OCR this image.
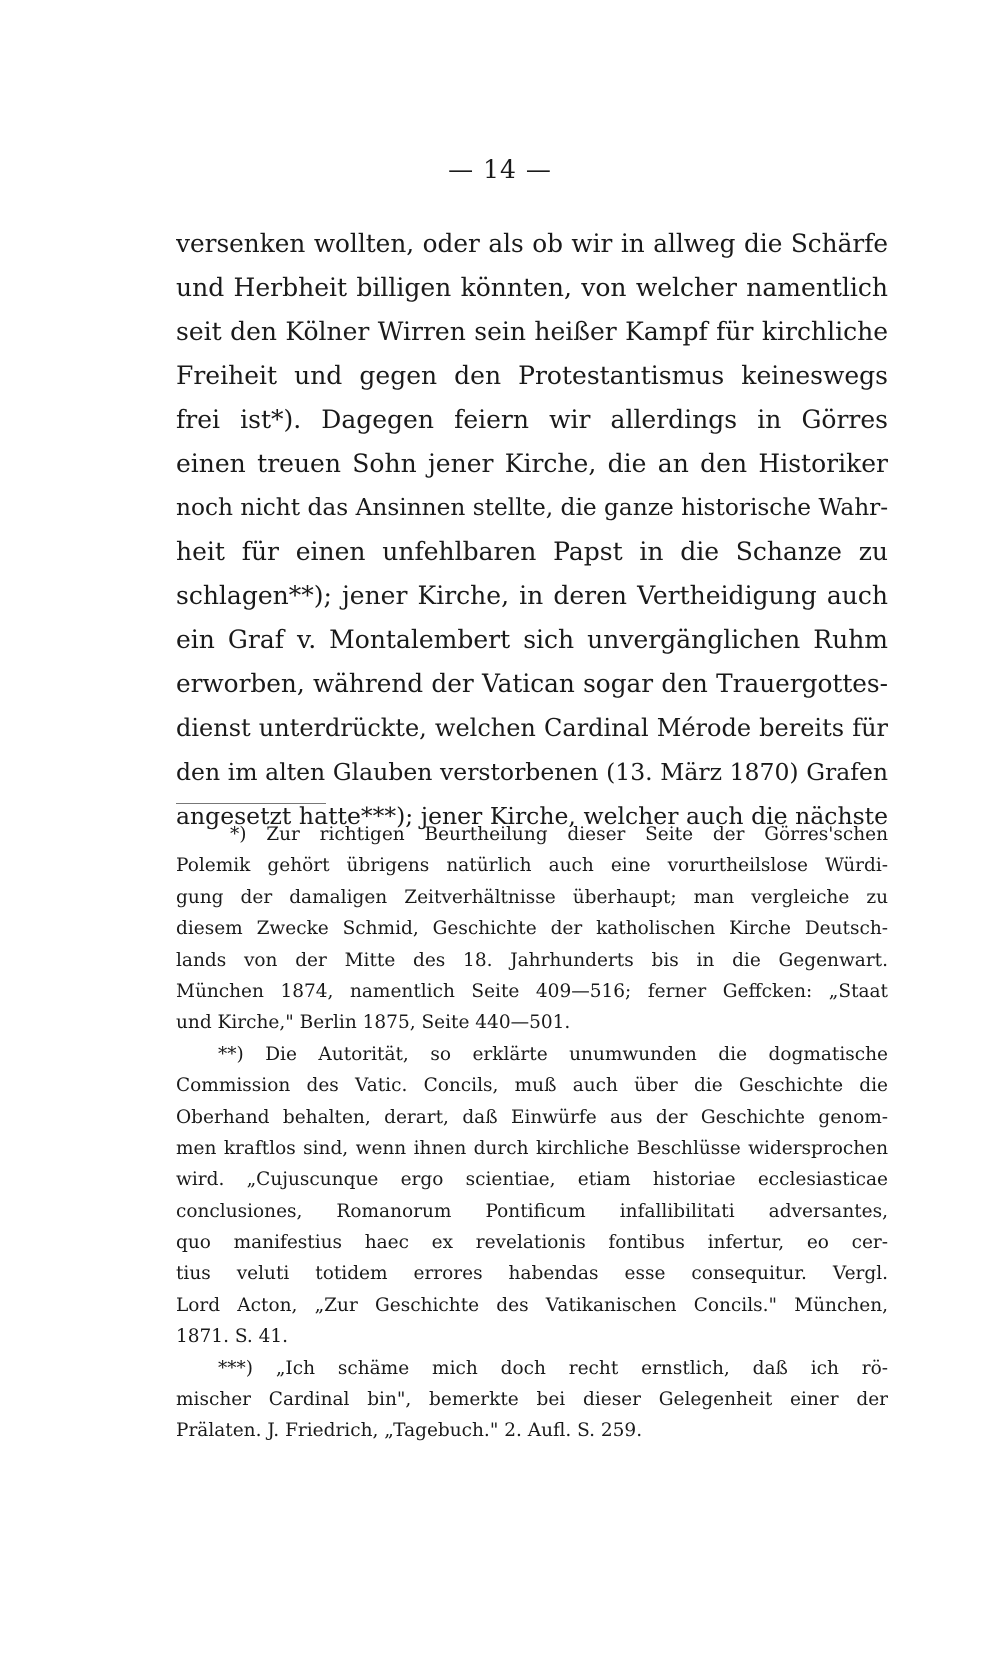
— 14 —
versenken wollten, oder als ob wir in allweg die Schärfe
und Herbheit billigen könnten, von welcher namentlich
seit den Kölner Wirren sein heißer Kampf für kirchliche
Freiheit und gegen den Protestantismus keineswegs
frei ist*). Dagegen feiern wir allerdings in Görres
einen treuen Sohn jener Kirche, die an den Historiker
noch nicht das Ansinnen stellte, die ganze historische Wahr-
heit für einen unfehlbaren Papst in die Schanze zu
schlagen**); jener Kirche, in deren Vertheidigung auch
ein Graf v. Montalembert sich unvergänglichen Ruhm
erworben, während der Vatican sogar den Trauergottes-
dienst unterdrückte, welchen Cardinal Mérode bereits für
den im alten Glauben verstorbenen (13. März 1870) Grafen
angesetzt hatte***); jener Kirche, welcher auch die nächste
*) Zur richtigen Beurtheilung dieser Seite der Görres'schen
Polemik gehört übrigens natürlich auch eine vorurtheilslose Würdi-
gung der damaligen Zeitverhältnisse überhaupt; man vergleiche zu
diesem Zwecke Schmid, Geschichte der katholischen Kirche Deutsch-
lands von der Mitte des 18. Jahrhunderts bis in die Gegenwart.
München 1874, namentlich Seite 409—516; ferner Geffcken: „Staat
und Kirche," Berlin 1875, Seite 440—501.
**) Die Autorität, so erklärte unumwunden die dogmatische
Commission des Vatic. Concils, muß auch über die Geschichte die
Oberhand behalten, derart, daß Einwürfe aus der Geschichte genom-
men kraftlos sind, wenn ihnen durch kirchliche Beschlüsse widersprochen
wird. „Cujuscunque ergo scientiae, etiam historiae ecclesiasticae
conclusiones, Romanorum Pontificum infallibilitati adversantes,
quo manifestius haec ex revelationis fontibus infertur, eo cer-
tius veluti totidem errores habendas esse consequitur. Vergl.
Lord Acton, „Zur Geschichte des Vatikanischen Concils." München,
1871. S. 41.
***) „Ich schäme mich doch recht ernstlich, daß ich rö-
mischer Cardinal bin", bemerkte bei dieser Gelegenheit einer der
Prälaten. J. Friedrich, „Tagebuch." 2. Aufl. S. 259.
